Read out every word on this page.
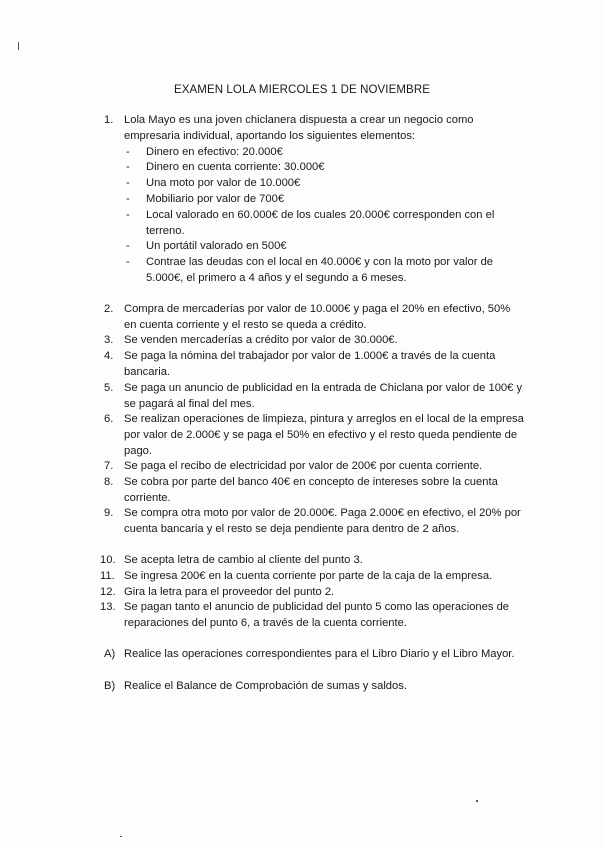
EXAMEN LOLA MIERCOLES 1 DE NOVIEMBRE
1. Lola Mayo es una joven chiclanera dispuesta a crear un negocio como empresaria individual, aportando los siguientes elementos:
- Dinero en efectivo: 20.000€
- Dinero en cuenta corriente: 30.000€
- Una moto por valor de 10.000€
- Mobiliario por valor de 700€
- Local valorado en 60.000€ de los cuales 20.000€ corresponden con el terreno.
- Un portátil valorado en 500€
- Contrae las deudas con el local en 40.000€ y con la moto por valor de 5.000€, el primero a 4 años y el segundo a 6 meses.
2. Compra de mercaderías por valor de 10.000€ y paga el 20% en efectivo, 50% en cuenta corriente y el resto se queda a crédito.
3. Se venden mercaderías a crédito por valor de 30.000€.
4. Se paga la nómina del trabajador por valor de 1.000€ a través de la cuenta bancaria.
5. Se paga un anuncio de publicidad en la entrada de Chiclana por valor de 100€ y se pagará al final del mes.
6. Se realizan operaciones de limpieza, pintura y arreglos en el local de la empresa por valor de 2.000€ y se paga el 50% en efectivo y el resto queda pendiente de pago.
7. Se paga el recibo de electricidad por valor de 200€ por cuenta corriente.
8. Se cobra por parte del banco 40€ en concepto de intereses sobre la cuenta corriente.
9. Se compra otra moto por valor de 20.000€. Paga 2.000€ en efectivo, el 20% por cuenta bancaria y el resto se deja pendiente para dentro de 2 años.
10. Se acepta letra de cambio al cliente del punto 3.
11. Se ingresa 200€ en la cuenta corriente por parte de la caja de la empresa.
12. Gira la letra para el proveedor del punto 2.
13. Se pagan tanto el anuncio de publicidad del punto 5 como las operaciones de reparaciones del punto 6, a través de la cuenta corriente.
A) Realice las operaciones correspondientes para el Libro Diario y el Libro Mayor.
B) Realice el Balance de Comprobación de sumas y saldos.
